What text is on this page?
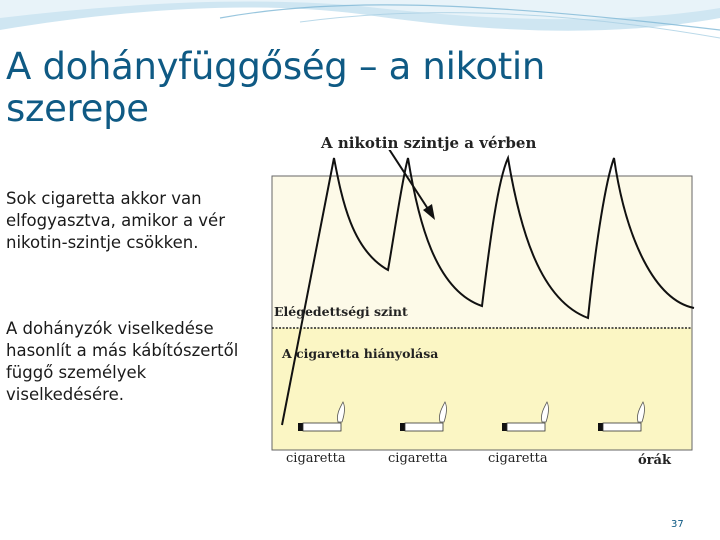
A dohányfüggőség – a nikotin szerepe
A nikotin szintje a vérben
Sok cigaretta akkor van elfogyasztva, amikor a vér nikotin-szintje csökken.
A dohányzók viselkedése hasonlít a más kábítószertől függő személyek viselkedésére.
Elégedettségi szint
A cigaretta hiányolása
cigaretta	cigaretta	cigaretta	órák
37
